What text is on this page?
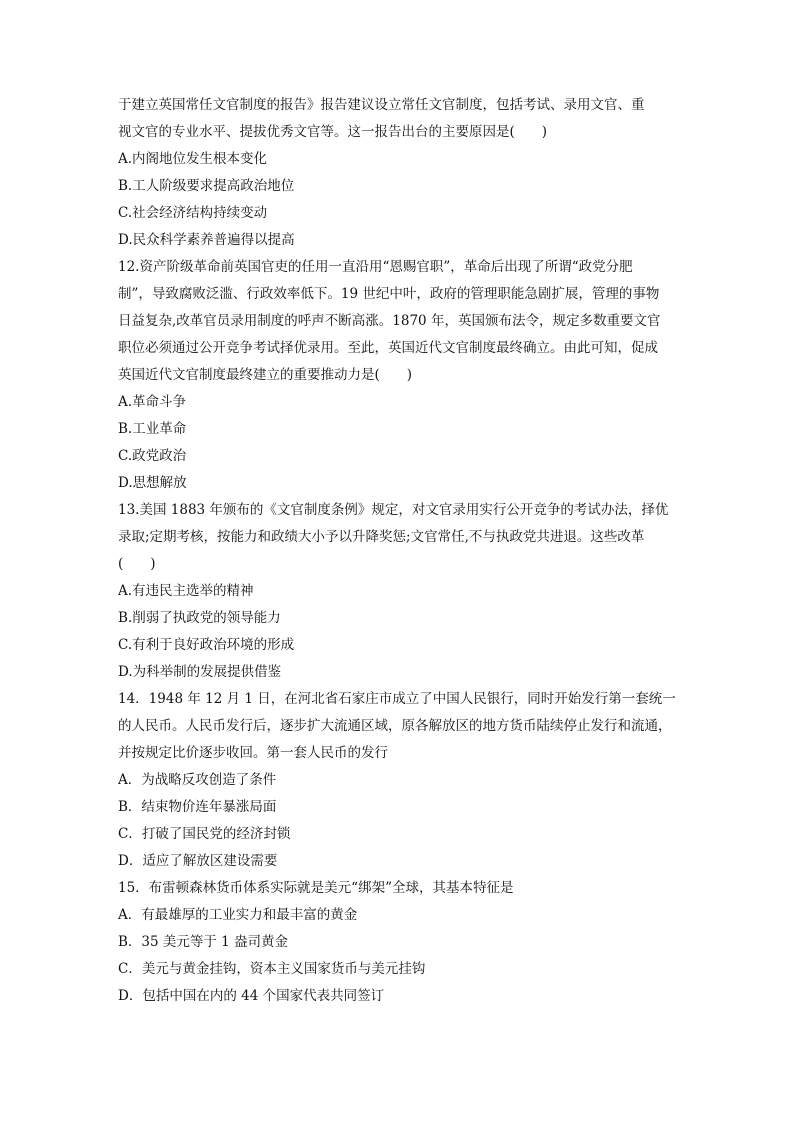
于建立英国常任文官制度的报告》报告建议设立常任文官制度，包括考试、录用文官、重
视文官的专业水平、提拔优秀文官等。这一报告出台的主要原因是(　　)
A.内阁地位发生根本变化
B.工人阶级要求提高政治地位
C.社会经济结构持续变动
D.民众科学素养普遍得以提高
12.资产阶级革命前英国官吏的任用一直沿用“恩赐官职”，革命后出现了所谓“政党分肥
制”，导致腐败泛滥、行政效率低下。19 世纪中叶，政府的管理职能急剧扩展，管理的事物
日益复杂,改革官员录用制度的呼声不断高涨。1870 年，英国颁布法令，规定多数重要文官
职位必须通过公开竞争考试择优录用。至此，英国近代文官制度最终确立。由此可知，促成
英国近代文官制度最终建立的重要推动力是(　　)
A.革命斗争
B.工业革命
C.政党政治
D.思想解放
13.美国 1883 年颁布的《文官制度条例》规定，对文官录用实行公开竞争的考试办法，择优
录取;定期考核，按能力和政绩大小予以升降奖惩;文官常任,不与执政党共进退。这些改革
(　　)
A.有违民主选举的精神
B.削弱了执政党的领导能力
C.有利于良好政治环境的形成
D.为科举制的发展提供借鉴
14．1948 年 12 月 1 日，在河北省石家庄市成立了中国人民银行，同时开始发行第一套统一
的人民币。人民币发行后，逐步扩大流通区域，原各解放区的地方货币陆续停止发行和流通，
并按规定比价逐步收回。第一套人民币的发行
A．为战略反攻创造了条件
B．结束物价连年暴涨局面
C．打破了国民党的经济封锁
D．适应了解放区建设需要
15．布雷顿森林货币体系实际就是美元“绑架”全球，其基本特征是
A．有最雄厚的工业实力和最丰富的黄金
B．35 美元等于 1 盎司黄金
C．美元与黄金挂钩，资本主义国家货币与美元挂钩
D．包括中国在内的 44 个国家代表共同签订
